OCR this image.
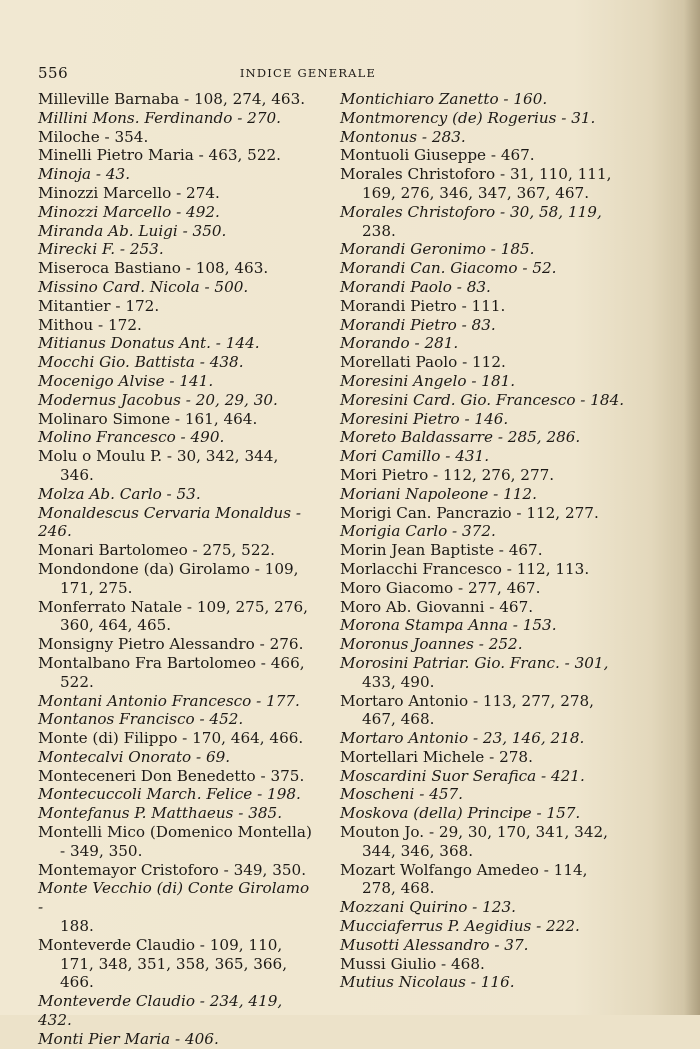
556	INDICE GENERALE

Milleville Barnaba - 108, 274, 463.

Millini Mons. Ferdinando - 270.

Miloche - 354.

Minelli Pietro Maria - 463, 522.

Minoja - 43.

Minozzi Marcello - 274.

Minozzi Marcello - 492.

Miranda Ab. Luigi - 350.

Mirecki F. - 253.

Miseroca Bastiano - 108, 463.

Missino Card. Nicola - 500.

Mitantier - 172.

Mithou - 172.

Mitianus Donatus Ant. - 144.

Mocchi Gio. Battista - 438.

Mocenigo Alvise - 141.

Modernus Jacobus - 20, 29, 30.

Molinaro Simone - 161, 464.

Molino Francesco - 490.

Molu o Moulu P. - 30, 342, 344,

346.

Molza Ab. Carlo - 53.

Monaldescus Cervaria Monaldus - 246.

Monari Bartolomeo - 275, 522.

Mondondone (da) Girolamo - 109,

171, 275.

Monferrato Natale - 109, 275, 276,

360, 464, 465.

Monsigny Pietro Alessandro - 276.

Montalbano Fra Bartolomeo - 466,

522.

Montani Antonio Francesco - 177.

Montanos Francisco - 452.

Monte (di) Filippo - 170, 464, 466.

Montecalvi Onorato - 69.

Monteceneri Don Benedetto - 375.

Montecuccoli March. Felice - 198.

Montefanus P. Matthaeus - 385.

Montelli Mico (Domenico Montella)

- 349, 350.

Montemayor Cristoforo - 349, 350.

Monte Vecchio (di) Conte Girolamo -

188.

Monteverde Claudio - 109, 110,

171, 348, 351, 358, 365, 366,

466.

Monteverde Claudio - 234, 419, 432.

Monti Pier Maria - 406.

Montichiaro Zanetto - 160.

Montmorency (de) Rogerius - 31.

Montonus - 283.

Montuoli Giuseppe - 467.

Morales Christoforo - 31, 110, 111,

169, 276, 346, 347, 367, 467.

Morales Christoforo - 30, 58, 119,

238.

Morandi Geronimo - 185.

Morandi Can. Giacomo - 52.

Morandi Paolo - 83.

Morandi Pietro - 111.

Morandi Pietro - 83.

Morando - 281.

Morellati Paolo - 112.

Moresini Angelo - 181.

Moresini Card. Gio. Francesco - 184.

Moresini Pietro - 146.

Moreto Baldassarre - 285, 286.

Mori Camillo - 431.

Mori Pietro - 112, 276, 277.

Moriani Napoleone - 112.

Morigi Can. Pancrazio - 112, 277.

Morigia Carlo - 372.

Morin Jean Baptiste - 467.

Morlacchi Francesco - 112, 113.

Moro Giacomo - 277, 467.

Moro Ab. Giovanni - 467.

Morona Stampa Anna - 153.

Moronus Joannes - 252.

Morosini Patriar. Gio. Franc. - 301,

433, 490.

Mortaro Antonio - 113, 277, 278,

467, 468.

Mortaro Antonio - 23, 146, 218.

Mortellari Michele - 278.

Moscardini Suor Serafica - 421.

Moscheni - 457.

Moskova (della) Principe - 157.

Mouton Jo. - 29, 30, 170, 341, 342,

344, 346, 368.

Mozart Wolfango Amedeo - 114,

278, 468.

Mozzani Quirino - 123.

Mucciaferrus P. Aegidius - 222.

Musotti Alessandro - 37.

Mussi Giulio - 468.

Mutius Nicolaus - 116.
